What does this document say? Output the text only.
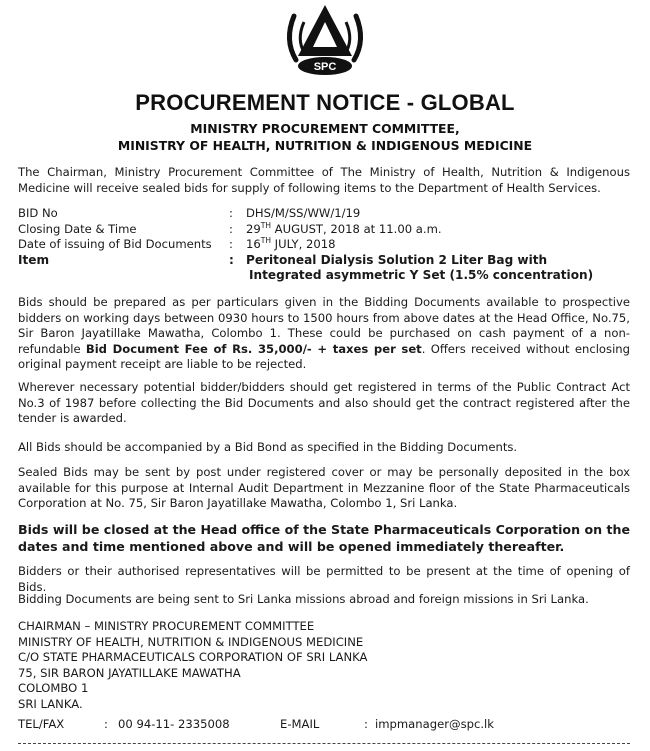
SPC
PROCUREMENT NOTICE - GLOBAL
MINISTRY PROCUREMENT COMMITTEE,
MINISTRY OF HEALTH, NUTRITION & INDIGENOUS MEDICINE

The Chairman, Ministry Procurement Committee of The Ministry of Health, Nutrition & Indigenous Medicine will receive sealed bids for supply of following items to the Department of Health Services.

BID No	: DHS/M/SS/WW/1/19
Closing Date & Time	: 29TH AUGUST, 2018 at 11.00 a.m.
Date of issuing of Bid Documents : 16TH JULY, 2018
Item	: Peritoneal Dialysis Solution 2 Liter Bag with
Integrated asymmetric Y Set (1.5% concentration)

Bids should be prepared as per particulars given in the Bidding Documents available to prospective bidders on working days between 0930 hours to 1500 hours from above dates at the Head Office, No.75, Sir Baron Jayatillake Mawatha, Colombo 1. These could be purchased on cash payment of a non-refundable Bid Document Fee of Rs. 35,000/- + taxes per set. Offers received without enclosing original payment receipt are liable to be rejected.

Wherever necessary potential bidder/bidders should get registered in terms of the Public Contract Act No.3 of 1987 before collecting the Bid Documents and also should get the contract registered after the tender is awarded.

All Bids should be accompanied by a Bid Bond as specified in the Bidding Documents.

Sealed Bids may be sent by post under registered cover or may be personally deposited in the box available for this purpose at Internal Audit Department in Mezzanine floor of the State Pharmaceuticals Corporation at No. 75, Sir Baron Jayatillake Mawatha, Colombo 1, Sri Lanka.

Bids will be closed at the Head office of the State Pharmaceuticals Corporation on the dates and time mentioned above and will be opened immediately thereafter.

Bidders or their authorised representatives will be permitted to be present at the time of opening of Bids.

Bidding Documents are being sent to Sri Lanka missions abroad and foreign missions in Sri Lanka.

CHAIRMAN – MINISTRY PROCUREMENT COMMITTEE
MINISTRY OF HEALTH, NUTRITION & INDIGENOUS MEDICINE
C/O STATE PHARMACEUTICALS CORPORATION OF SRI LANKA
75, SIR BARON JAYATILLAKE MAWATHA
COLOMBO 1
SRI LANKA.
TEL/FAX	: 00 94-11- 2335008	E-MAIL	: impmanager@spc.lk
